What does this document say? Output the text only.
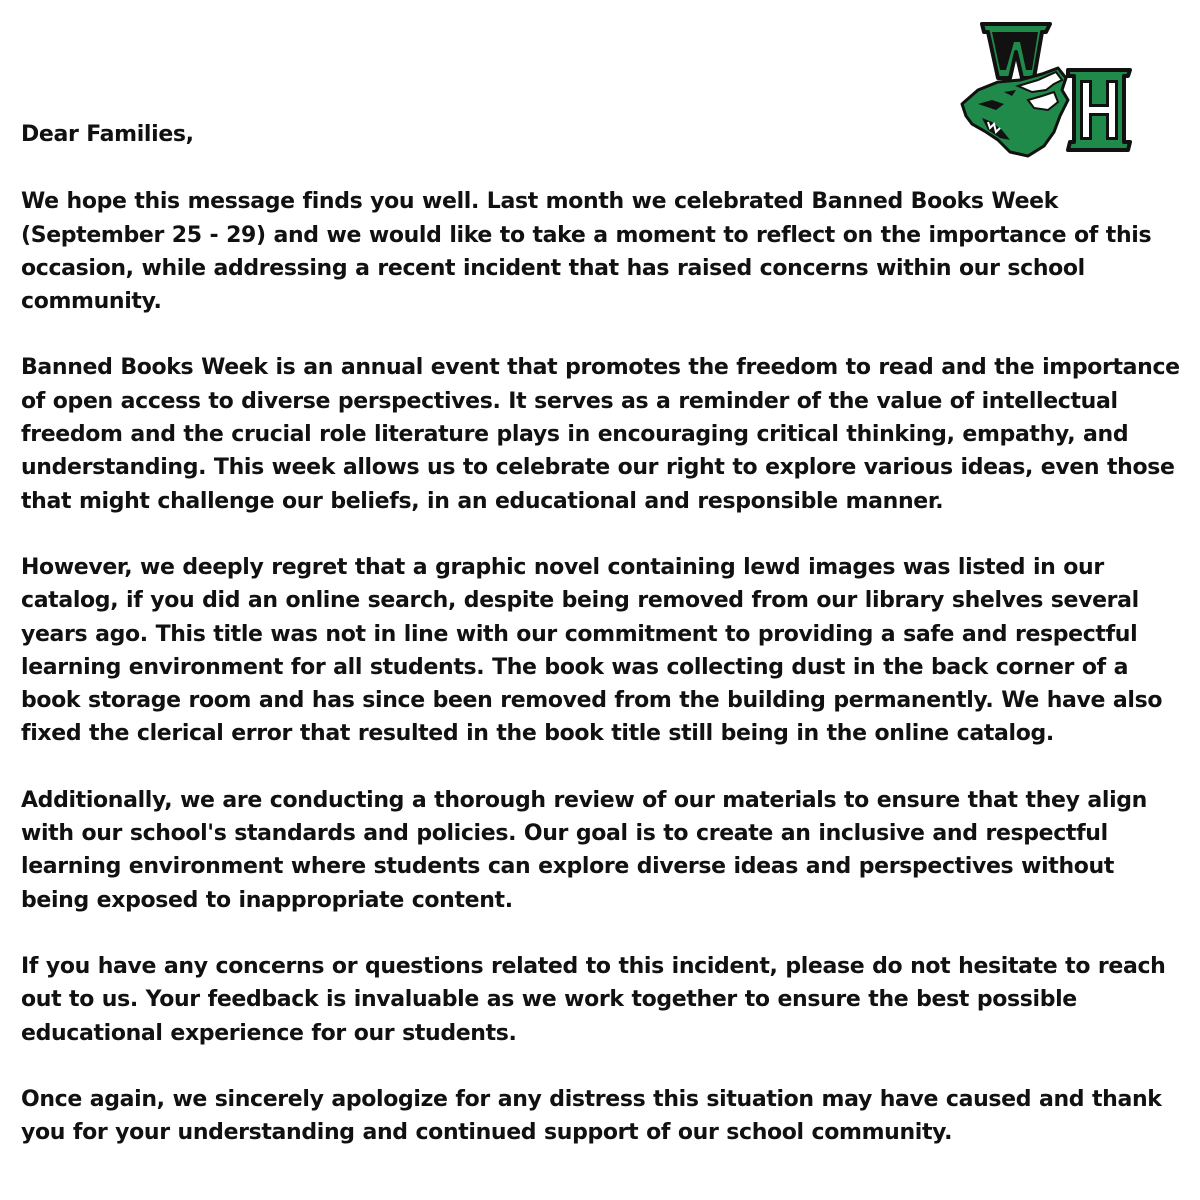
Dear Families,

We hope this message finds you well. Last month we celebrated Banned Books Week (September 25 - 29) and we would like to take a moment to reflect on the importance of this occasion, while addressing a recent incident that has raised concerns within our school community.

Banned Books Week is an annual event that promotes the freedom to read and the importance of open access to diverse perspectives. It serves as a reminder of the value of intellectual freedom and the crucial role literature plays in encouraging critical thinking, empathy, and understanding. This week allows us to celebrate our right to explore various ideas, even those that might challenge our beliefs, in an educational and responsible manner.

However, we deeply regret that a graphic novel containing lewd images was listed in our catalog, if you did an online search, despite being removed from our library shelves several years ago. This title was not in line with our commitment to providing a safe and respectful learning environment for all students. The book was collecting dust in the back corner of a book storage room and has since been removed from the building permanently. We have also fixed the clerical error that resulted in the book title still being in the online catalog.

Additionally, we are conducting a thorough review of our materials to ensure that they align with our school's standards and policies. Our goal is to create an inclusive and respectful learning environment where students can explore diverse ideas and perspectives without being exposed to inappropriate content.

If you have any concerns or questions related to this incident, please do not hesitate to reach out to us. Your feedback is invaluable as we work together to ensure the best possible educational experience for our students.

Once again, we sincerely apologize for any distress this situation may have caused and thank you for your understanding and continued support of our school community.
